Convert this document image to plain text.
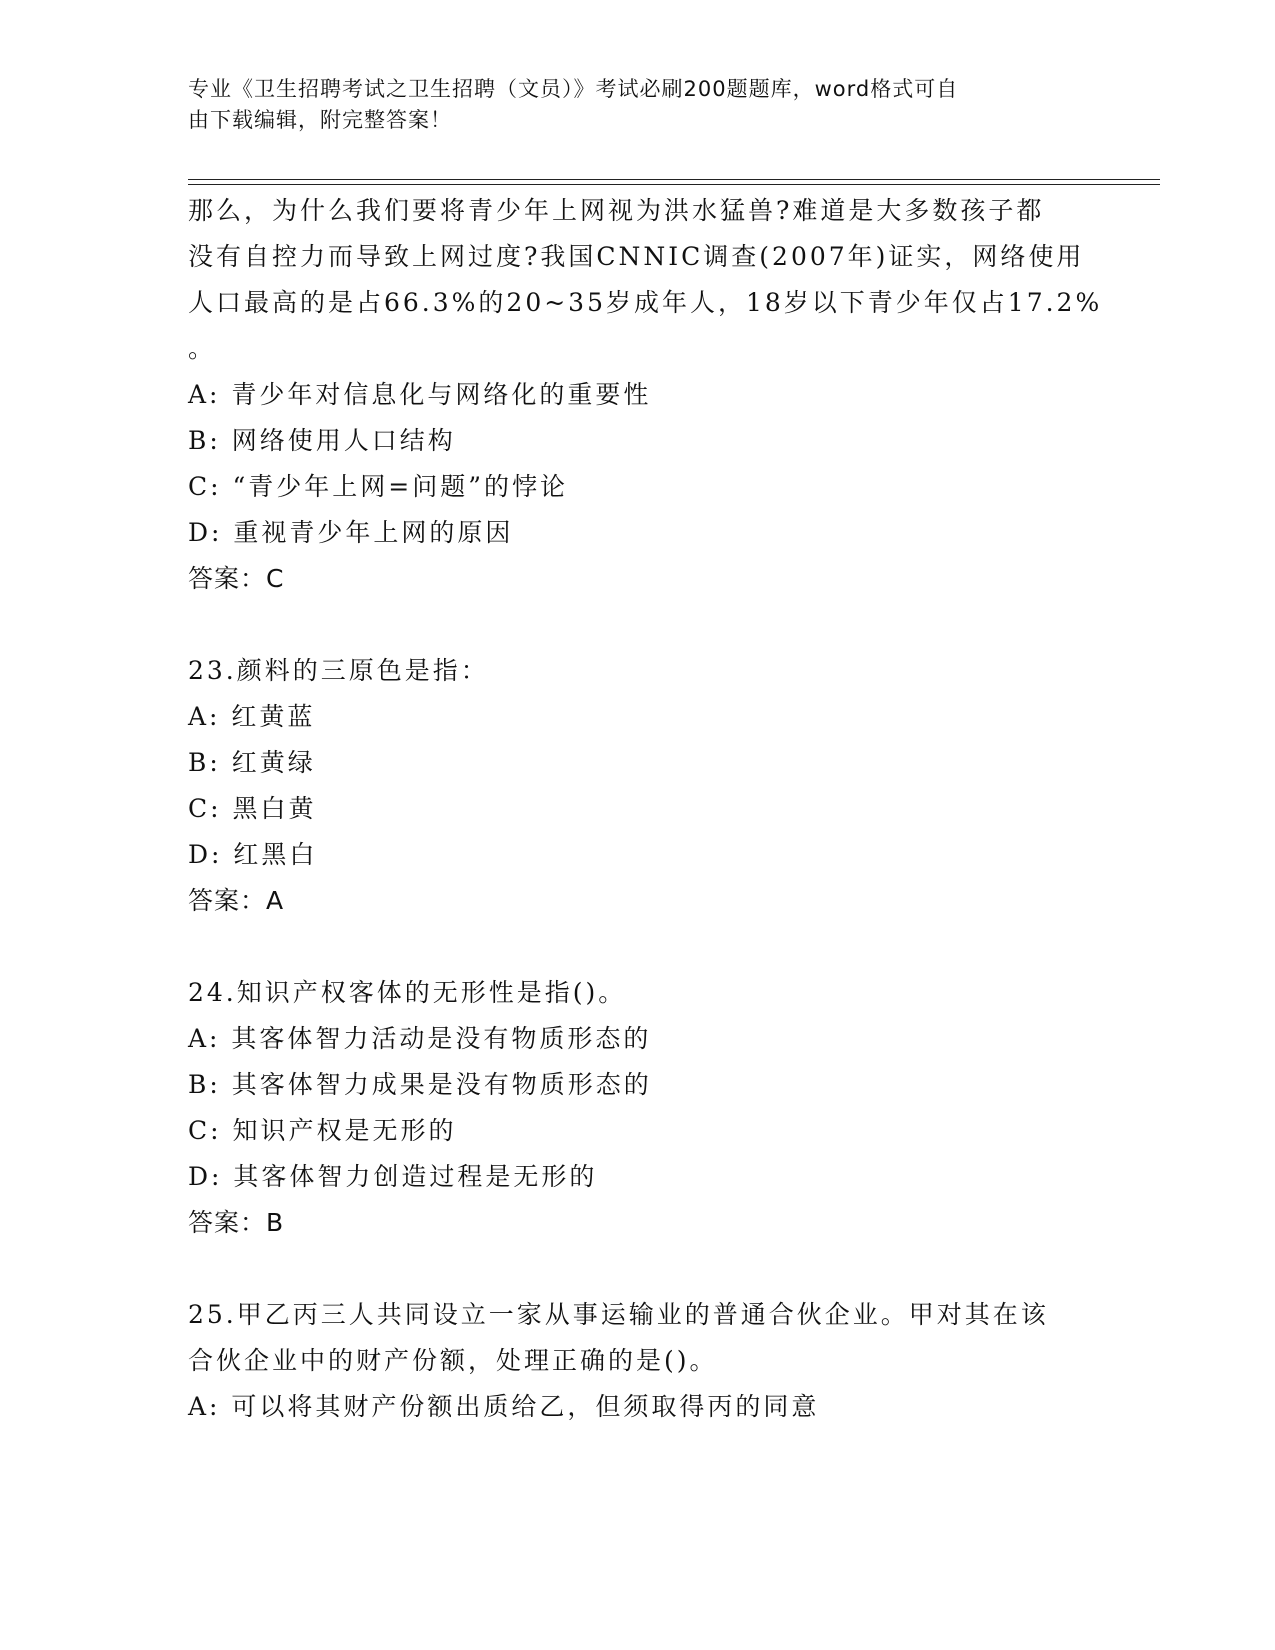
专业《卫生招聘考试之卫生招聘（文员）》考试必刷200题题库，word格式可自
由下载编辑，附完整答案！
那么，为什么我们要将青少年上网视为洪水猛兽?难道是大多数孩子都
没有自控力而导致上网过度?我国CNNIC调查(2007年)证实，网络使用
人口最高的是占66.3%的20~35岁成年人，18岁以下青少年仅占17.2%
。
A: 青少年对信息化与网络化的重要性
B: 网络使用人口结构
C: “青少年上网=问题”的悖论
D: 重视青少年上网的原因
答案：C
23.颜料的三原色是指：
A: 红黄蓝
B: 红黄绿
C: 黑白黄
D: 红黑白
答案：A
24.知识产权客体的无形性是指()。
A: 其客体智力活动是没有物质形态的
B: 其客体智力成果是没有物质形态的
C: 知识产权是无形的
D: 其客体智力创造过程是无形的
答案：B
25.甲乙丙三人共同设立一家从事运输业的普通合伙企业。甲对其在该
合伙企业中的财产份额，处理正确的是()。
A: 可以将其财产份额出质给乙，但须取得丙的同意
